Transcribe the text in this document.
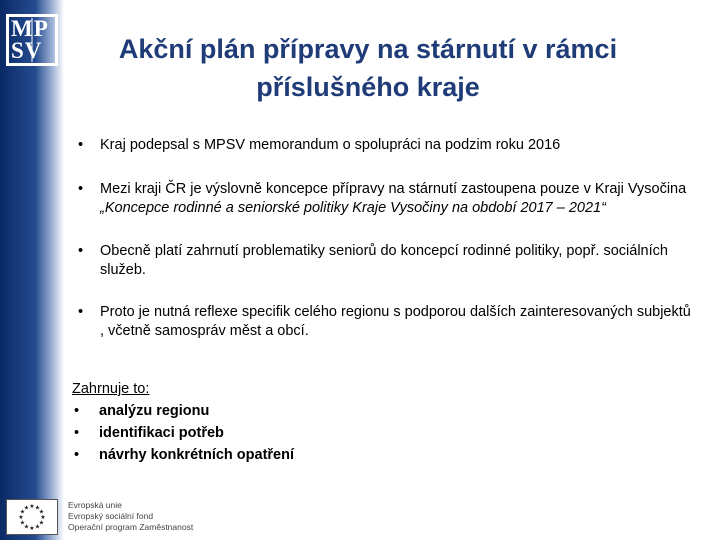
MP
SV	Akční plán přípravy na stárnutí v rámci
příslušného kraje
• Kraj podepsal s MPSV memorandum o spolupráci na podzim roku 2016
• Mezi kraji ČR je výslovně koncepce přípravy na stárnutí zastoupena pouze v Kraji Vysočina „Koncepce rodinné a seniorské politiky Kraje Vysočiny na období 2017 – 2021“
• Obecně platí zahrnutí problematiky seniorů do koncepcí rodinné politiky, popř. sociálních služeb.
• Proto je nutná reflexe specifik celého regionu s podporou dalších zainteresovaných subjektů , včetně samospráv měst a obcí.
Zahrnuje to:
• analýzu regionu
• identifikaci potřeb
• návrhy konkrétních opatření
★ ★
★
★
★
★
★
★
★
★
★
★	Evropská unie
Evropský sociální fond
Operační program Zaměstnanost
